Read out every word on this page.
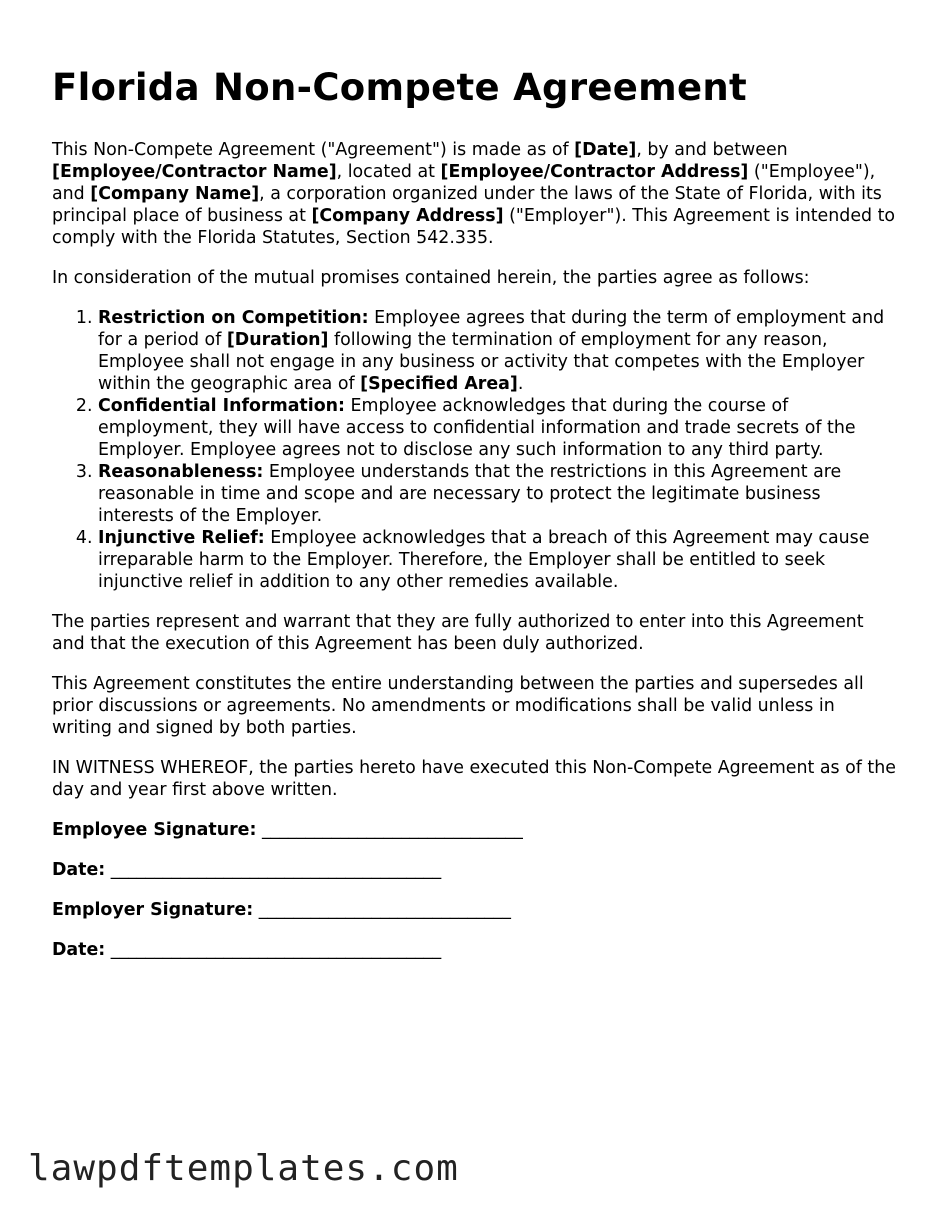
Florida Non-Compete Agreement

This Non-Compete Agreement ("Agreement") is made as of [Date], by and between [Employee/Contractor Name], located at [Employee/Contractor Address] ("Employee"), and [Company Name], a corporation organized under the laws of the State of Florida, with its principal place of business at [Company Address] ("Employer"). This Agreement is intended to comply with the Florida Statutes, Section 542.335.

In consideration of the mutual promises contained herein, the parties agree as follows:

1. Restriction on Competition: Employee agrees that during the term of employment and for a period of [Duration] following the termination of employment for any reason, Employee shall not engage in any business or activity that competes with the Employer within the geographic area of [Specified Area].
2. Confidential Information: Employee acknowledges that during the course of employment, they will have access to confidential information and trade secrets of the Employer. Employee agrees not to disclose any such information to any third party.
3. Reasonableness: Employee understands that the restrictions in this Agreement are reasonable in time and scope and are necessary to protect the legitimate business interests of the Employer.
4. Injunctive Relief: Employee acknowledges that a breach of this Agreement may cause irreparable harm to the Employer. Therefore, the Employer shall be entitled to seek injunctive relief in addition to any other remedies available.

The parties represent and warrant that they are fully authorized to enter into this Agreement and that the execution of this Agreement has been duly authorized.

This Agreement constitutes the entire understanding between the parties and supersedes all prior discussions or agreements. No amendments or modifications shall be valid unless in writing and signed by both parties.

IN WITNESS WHEREOF, the parties hereto have executed this Non-Compete Agreement as of the day and year first above written.

Employee Signature: ______________________________
Date: ______________________________________
Employer Signature: _____________________________
Date: ______________________________________
lawpdftemplates.com
